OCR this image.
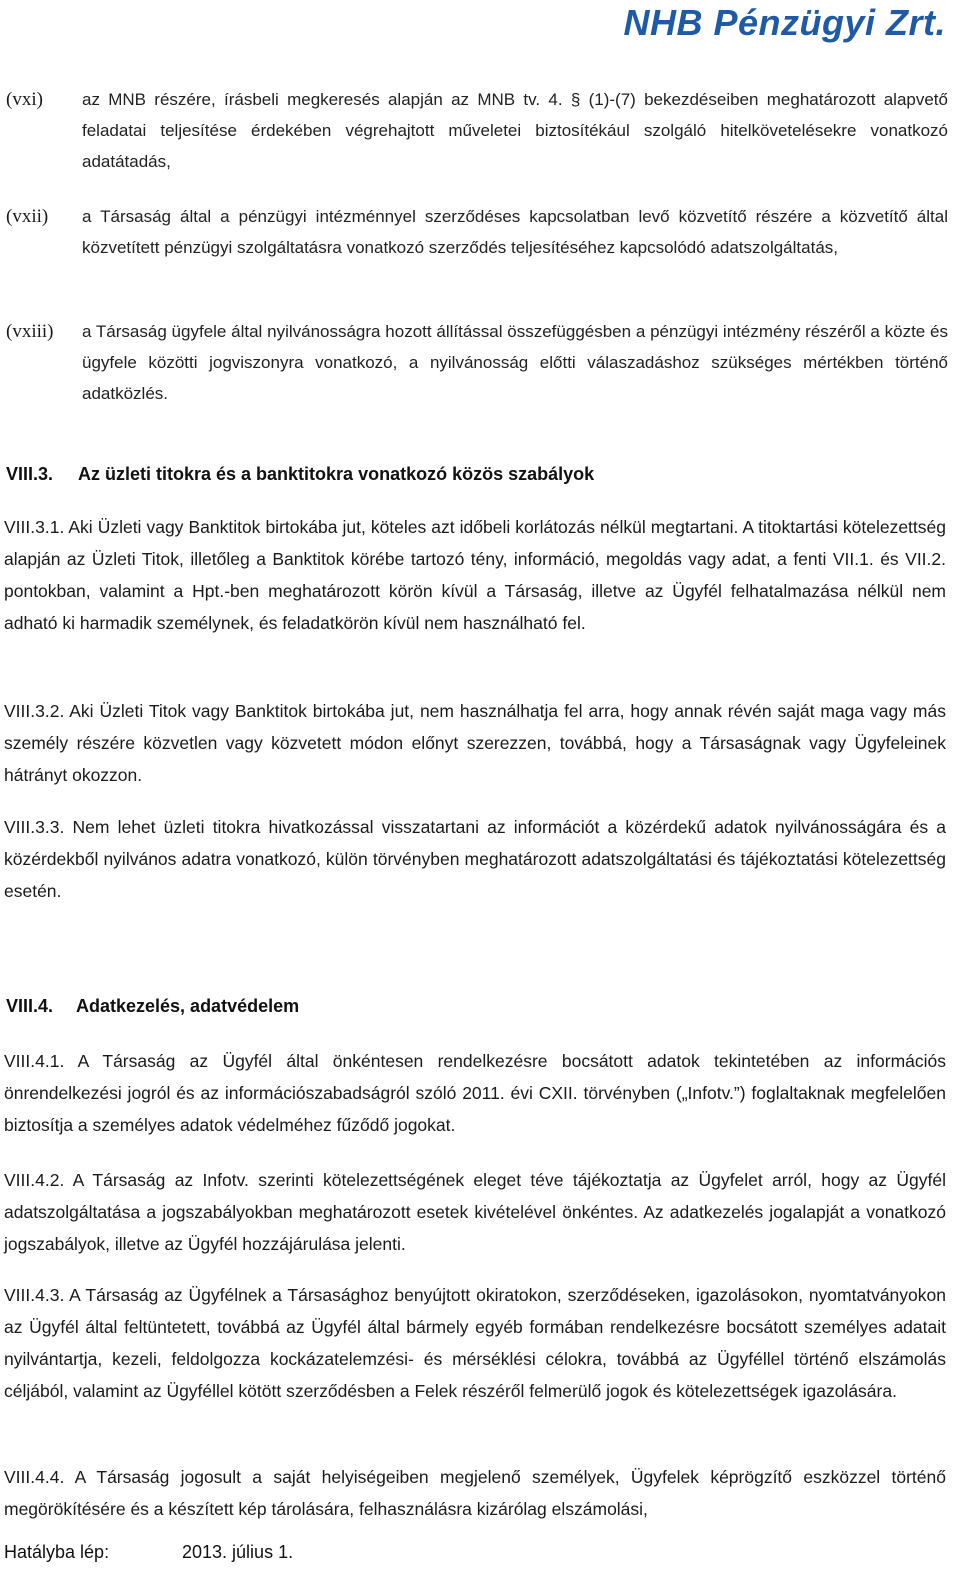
NHB Pénzügyi Zrt.
(vxi) az MNB részére, írásbeli megkeresés alapján az MNB tv. 4. § (1)-(7) bekezdéseiben meghatározott alapvető feladatai teljesítése érdekében végrehajtott műveletei biztosítékául szolgáló hitelkövetelésekre vonatkozó adatátadás,
(vxii) a Társaság által a pénzügyi intézménnyel szerződéses kapcsolatban levő közvetítő részére a közvetítő által közvetített pénzügyi szolgáltatásra vonatkozó szerződés teljesítéséhez kapcsolódó adatszolgáltatás,
(vxiii) a Társaság ügyfele által nyilvánosságra hozott állítással összefüggésben a pénzügyi intézmény részéről a közte és ügyfele közötti jogviszonyra vonatkozó, a nyilvánosság előtti válaszadáshoz szükséges mértékben történő adatközlés.
VIII.3. Az üzleti titokra és a banktitokra vonatkozó közös szabályok
VIII.3.1. Aki Üzleti vagy Banktitok birtokába jut, köteles azt időbeli korlátozás nélkül megtartani. A titoktartási kötelezettség alapján az Üzleti Titok, illetőleg a Banktitok körébe tartozó tény, információ, megoldás vagy adat, a fenti VII.1. és VII.2. pontokban, valamint a Hpt.-ben meghatározott körön kívül a Társaság, illetve az Ügyfél felhatalmazása nélkül nem adható ki harmadik személynek, és feladatkörön kívül nem használható fel.
VIII.3.2. Aki Üzleti Titok vagy Banktitok birtokába jut, nem használhatja fel arra, hogy annak révén saját maga vagy más személy részére közvetlen vagy közvetett módon előnyt szerezzen, továbbá, hogy a Társaságnak vagy Ügyfeleinek hátrányt okozzon.
VIII.3.3. Nem lehet üzleti titokra hivatkozással visszatartani az információt a közérdekű adatok nyilvánosságára és a közérdekből nyilvános adatra vonatkozó, külön törvényben meghatározott adatszolgáltatási és tájékoztatási kötelezettség esetén.
VIII.4. Adatkezelés, adatvédelem
VIII.4.1. A Társaság az Ügyfél által önkéntesen rendelkezésre bocsátott adatok tekintetében az információs önrendelkezési jogról és az információszabadságról szóló 2011. évi CXII. törvényben („Infotv.”) foglaltaknak megfelelően biztosítja a személyes adatok védelméhez fűződő jogokat.
VIII.4.2. A Társaság az Infotv. szerinti kötelezettségének eleget téve tájékoztatja az Ügyfelet arról, hogy az Ügyfél adatszolgáltatása a jogszabályokban meghatározott esetek kivételével önkéntes. Az adatkezelés jogalapját a vonatkozó jogszabályok, illetve az Ügyfél hozzájárulása jelenti.
VIII.4.3. A Társaság az Ügyfélnek a Társasághoz benyújtott okiratokon, szerződéseken, igazolásokon, nyomtatványokon az Ügyfél által feltüntetett, továbbá az Ügyfél által bármely egyéb formában rendelkezésre bocsátott személyes adatait nyilvántartja, kezeli, feldolgozza kockázatelemzési- és mérséklési célokra, továbbá az Ügyféllel történő elszámolás céljából, valamint az Ügyféllel kötött szerződésben a Felek részéről felmerülő jogok és kötelezettségek igazolására.
VIII.4.4. A Társaság jogosult a saját helyiségeiben megjelenő személyek, Ügyfelek képrögzítő eszközzel történő megörökítésére és a készített kép tárolására, felhasználásra kizárólag elszámolási,
Hatályba lép:	2013. július 1.
